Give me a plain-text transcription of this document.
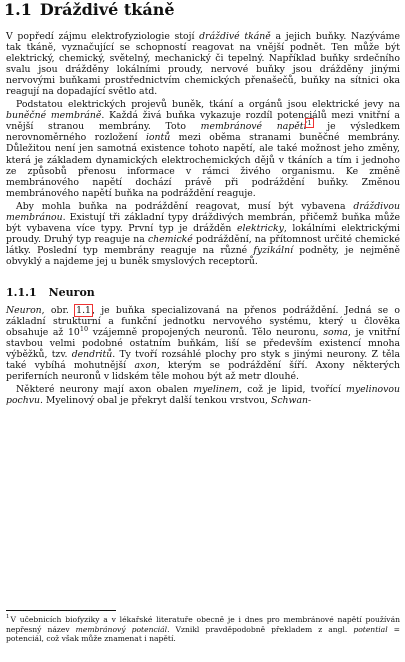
1.1 Dráždivé tkáně

V popředí zájmu elektrofyziologie stojí dráždivé tkáně a jejich buňky. Nazýváme tak tkáně, vyznačující se schopností reagovat na vnější podnět. Ten může být elektrický, chemický, světelný, mechanický či tepelný. Například buňky srdečního svalu jsou drážděny lokálními proudy, nervové buňky jsou drážděny jinými nervovými buňkami prostřednictvím chemických přenašečů, buňky na sítnici oka reagují na dopadající světlo atd.

Podstatou elektrických projevů buněk, tkání a orgánů jsou elektrické jevy na buněčné membráně. Každá živá buňka vykazuje rozdíl potenciálů mezi vnitřní a vnější stranou membrány. Toto membránové napětí$^1$ je výsledkem nerovnoměrného rozložení iontů mezi oběma stranami buněčné membrány. Důležitou není jen samotná existence tohoto napětí, ale také možnost jeho změny, která je základem dynamických elektrochemických dějů v tkáních a tím i jednoho ze způsobů přenosu informace v rámci živého organismu. Ke změně membránového napětí dochází právě při podráždění buňky. Změnou membránového napětí buňka na podráždění reaguje.

Aby mohla buňka na podráždění reagovat, musí být vybavena dráždivou membránou. Existují tři základní typy dráždivých membrán, přičemž buňka může být vybavena více typy. První typ je drážděn elektricky, lokálními elektrickými proudy. Druhý typ reaguje na chemické podráždění, na přítomnost určité chemické látky. Poslední typ membrány reaguje na různé fyzikální podněty, je nejměně obvyklý a najdeme jej u buněk smyslových receptorů.

1.1.1 Neuron

Neuron, obr. 1.1, je buňka specializovaná na přenos podráždění. Jedná se o základní strukturní a funkční jednotku nervového systému, který u člověka obsahuje až $10^{10}$ vzájemně propojených neuronů. Tělo neuronu, soma, je vnitřní stavbou velmi podobné ostatním buňkám, liší se především existencí mnoha výběžků, tzv. dendritů. Ty tvoří rozsáhlé plochy pro styk s jinými neurony. Z těla také vybíhá mohutnější axon, kterým se podráždění šíří. Axony některých periferních neuronů v lidském těle mohou být až metr dlouhé.

Některé neurony mají axon obalen myelinem, což je lipid, tvořící myelinovou pochvu. Myelinový obal je překryt další tenkou vrstvou, Schwan-

$^1$V učebnicích biofyziky a v lékařské literatuře obecně je i dnes pro membránové napětí používán nepřesný název membránový potenciál. Vznikl pravděpodobně překladem z angl. potential = potenciál, což však může znamenat i napětí.
